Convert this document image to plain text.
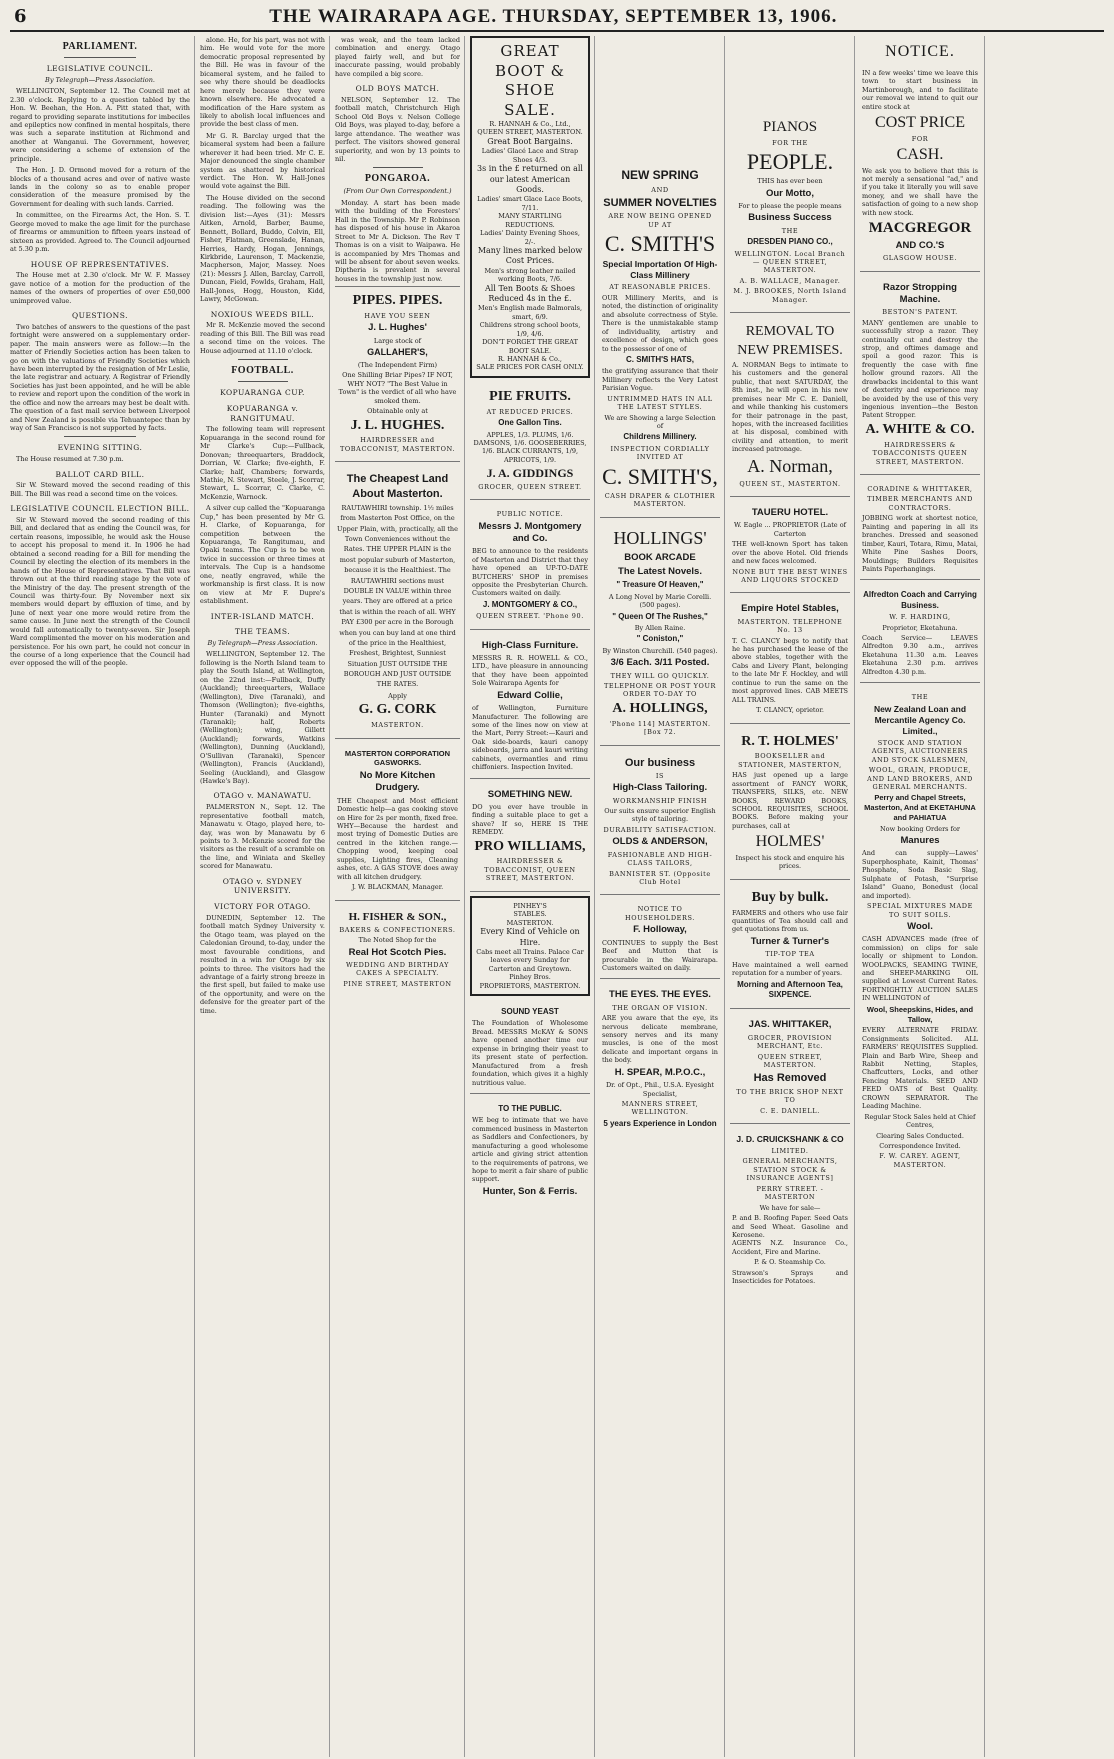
6	THE WAIRARAPA AGE. THURSDAY, SEPTEMBER 13, 1906.
PARLIAMENT.
LEGISLATIVE COUNCIL.
By Telegraph—Press Association.

WELLINGTON, September 12. The Council met at 2.30 o'clock. Replying to a question tabled by the Hon. W. Beehan, the Hon. A. Pitt stated that, with regard to providing separate institutions for imbeciles and epileptics now confined in mental hospitals, there was such a separate institution at Richmond and another at Wanganui. The Government, however, were considering a scheme of extension of the principle.

The Hon. J. D. Ormond moved for a return of the blocks of a thousand acres and over of native waste lands in the colony so as to enable proper consideration of the measure promised by the Government for dealing with such lands. Carried.

In committee, on the Firearms Act, the Hon. S. T. George moved to make the age limit for the purchase of firearms or ammunition to fifteen years instead of sixteen as provided. Agreed to. The Council adjourned at 5.30 p.m.

HOUSE OF REPRESENTATIVES.

The House met at 2.30 o'clock. Mr W. F. Massey gave notice of a motion for the production of the names of the owners of properties of over £50,000 unimproved value.

QUESTIONS.

Two batches of answers to the questions of the past fortnight were answered on a supplementary order-paper. The main answers were as follow:—In the matter of Friendly Societies action has been taken to go on with the valuations of Friendly Societies which have been interrupted by the resignation of Mr Leslie, the late registrar and actuary. A Registrar of Friendly Societies has just been appointed, and he will be able to review and report upon the condition of the work in the office and now the arrears may best be dealt with. The question of a fast mail service between Liverpool and New Zealand is possible via Tehuantepec than by way of San Francisco is not supported by facts.

EVENING SITTING.

The House resumed at 7.30 p.m.

BALLOT CARD BILL.

Sir W. Steward moved the second reading of this Bill. The Bill was read a second time on the voices.

LEGISLATIVE COUNCIL ELECTION BILL.

Sir W. Steward moved the second reading of this Bill, and declared that as ending the Council was, for certain reasons, impossible, he would ask the House to accept his proposal to mend it. In 1906 he had obtained a second reading for a Bill for mending the Council by electing the election of its members in the hands of the House of Representatives. That Bill was thrown out at the third reading stage by the vote of the Ministry of the day. The present strength of the Council was thirty-four. By November next six members would depart by effluxion of time, and by June of next year one more would retire from the same cause. In June next the strength of the Council would fall automatically to twenty-seven. Sir Joseph Ward complimented the mover on his moderation and persistence. For his own part, he could not concur in the course of a long experience that the Council had ever opposed the will of the people.

alone. He, for his part, was not with him. He would vote for the more democratic proposal represented by the Bill. He was in favour of the bicameral system, and he failed to see why there should be deadlocks here merely because they were known elsewhere. He advocated a modification of the Hare system as likely to abolish local influences and provide the best class of men.

Mr G. R. Barclay urged that the bicameral system had been a failure wherever it had been tried. Mr C. E. Major denounced the single chamber system as shattered by historical verdict. The Hon. W. Hall-Jones would vote against the Bill.

The House divided on the second reading. The following was the division list:—Ayes (31): Messrs Aitken, Arnold, Barber, Baume, Bennett, Bollard, Buddo, Colvin, Ell, Fisher, Flatman, Greenslade, Hanan, Herries, Hardy, Hogan, Jennings, Kirkbride, Laurenson, T. Mackenzie, Macpherson, Major, Massey. Noes (21): Messrs J. Allen, Barclay, Carroll, Duncan, Field, Fowlds, Graham, Hall, Hall-Jones, Hogg, Houston, Kidd, Lawry, McGowan.

NOXIOUS WEEDS BILL.

Mr R. McKenzie moved the second reading of this Bill. The Bill was read a second time on the voices. The House adjourned at 11.10 o'clock.

FOOTBALL.
KOPUARANGA CUP.
KOPUARANGA v. RANGITUMAU.

The following team will represent Kopuaranga in the second round for Mr Clarke's Cup:—Fullback, Donovan; threequarters, Braddock, Dorrian, W. Clarke; five-eighth, F. Clarke; half, Chambers; forwards, Mathie, N. Stewart, Steele, J. Scorrar, Stewart, L. Scorrar, C. Clarke, C. McKenzie, Warnock.

A silver cup called the "Kopuaranga Cup," has been presented by Mr G. H. Clarke, of Kopuaranga, for competition between the Kopuaranga, Te Rangitumau, and Opaki teams. The Cup is to be won twice in succession or three times at intervals. The Cup is a handsome one, neatly engraved, while the workmanship is first class. It is now on view at Mr F. Dupre's establishment.

INTER-ISLAND MATCH.
THE TEAMS.
By Telegraph—Press Association.

WELLINGTON, September 12. The following is the North Island team to play the South Island, at Wellington, on the 22nd inst:—Fullback, Duffy (Auckland); threequarters, Wallace (Wellington), Dive (Taranaki), and Thomson (Wellington); five-eighths, Hunter (Taranaki) and Mynott (Taranaki); half, Roberts (Wellington); wing, Gillett (Auckland); forwards, Watkins (Wellington), Dunning (Auckland), O'Sullivan (Taranaki), Spencer (Wellington), Francis (Auckland), Seeling (Auckland), and Glasgow (Hawke's Bay).

OTAGO v. MANAWATU.

PALMERSTON N., Sept. 12. The representative football match, Manawatu v. Otago, played here, to-day, was won by Manawatu by 6 points to 3. McKenzie scored for the visitors as the result of a scramble on the line, and Winiata and Skelley scored for Manawatu.

OTAGO v. SYDNEY UNIVERSITY.
VICTORY FOR OTAGO.

DUNEDIN, September 12. The football match Sydney University v. the Otago team, was played on the Caledonian Ground, to-day, under the most favourable conditions, and resulted in a win for Otago by six points to three. The visitors had the advantage of a fairly strong breeze in the first spell, but failed to make use of the opportunity, and were on the defensive for the greater part of the time.

was weak, and the team lacked combination and energy. Otago played fairly well, and but for inaccurate passing, would probably have compiled a big score.

OLD BOYS MATCH.

NELSON, September 12. The football match, Christchurch High School Old Boys v. Nelson College Old Boys, was played to-day, before a large attendance. The weather was perfect. The visitors showed general superiority, and won by 13 points to nil.

PONGAROA.
(From Our Own Correspondent.)

Monday. A start has been made with the building of the Foresters' Hall in the Township. Mr P. Robinson has disposed of his house in Akaroa Street to Mr A. Dickson. The Rev T Thomas is on a visit to Waipawa. He is accompanied by Mrs Thomas and will be absent for about seven weeks. Diptheria is prevalent in several houses in the township just now.

PIPES. PIPES.
HAVE YOU SEEN
J. L. Hughes'
Large stock of
GALLAHER'S,
(The Independent Firm)
One Shilling Briar Pipes? IF NOT, WHY NOT? "The Best Value in Town" is the verdict of all who have smoked them.
Obtainable only at
J. L. HUGHES.
HAIRDRESSER and TOBACCONIST, MASTERTON.
The Cheapest Land About Masterton.
RAUTAWHIRI township. 1½ miles from Masterton Post Office, on the Upper Plain, with, practically, all the Town Conveniences without the Rates. THE UPPER PLAIN is the most popular suburb of Masterton, because it is the Healthiest. The RAUTAWHIRI sections must DOUBLE IN VALUE within three years. They are offered at a price that is within the reach of all. WHY PAY £300 per acre in the Borough when you can buy land at one third of the price in the Healthiest, Freshest, Brightest, Sunniest Situation JUST OUTSIDE THE BOROUGH AND JUST OUTSIDE THE RATES.
Apply
G. G. CORK
MASTERTON.
MASTERTON CORPORATION GASWORKS.
No More Kitchen Drudgery.
THE Cheapest and Most efficient Domestic help—a gas cooking stove on Hire for 2s per month, fixed free. WHY—Because the hardest and most trying of Domestic Duties are centred in the kitchen range.—Chopping wood, keeping coal supplies, Lighting fires, Cleaning ashes, etc. A GAS STOVE does away with all kitchen drudgery.
J. W. BLACKMAN, Manager.
H. FISHER & SON.,
BAKERS & CONFECTIONERS.
The Noted Shop for the
Real Hot Scotch Pies.
WEDDING AND BIRTHDAY CAKES A SPECIALTY.
PINE STREET, MASTERTON
GREAT BOOT & SHOE SALE.
R. HANNAH & Co., Ltd.,
QUEEN STREET, MASTERTON.
Great Boot Bargains.
Ladies' Glacé Lace and Strap Shoes 4/3.
3s in the £ returned on all our latest American Goods.
Ladies' smart Glace Lace Boots, 7/11.
MANY STARTLING REDUCTIONS.
Ladies' Dainty Evening Shoes, 2/-.
Many lines marked below Cost Prices.
Men's strong leather nailed working Boots, 7/6.
All Ten Boots & Shoes Reduced 4s in the £.
Men's English made Balmorals, smart, 6/9.
Childrens strong school boots, 1/9, 4/6.
DON'T FORGET THE GREAT BOOT SALE.
R. HANNAH & Co.,
SALE PRICES FOR CASH ONLY.
PIE FRUITS.
AT REDUCED PRICES.
One Gallon Tins.
APPLES, 1/3. PLUMS, 1/6. DAMSONS, 1/6. GOOSEBERRIES, 1/6. BLACK CURRANTS, 1/9, APRICOTS, 1/9.
J. A. GIDDINGS
GROCER, QUEEN STREET.
PUBLIC NOTICE.
Messrs J. Montgomery and Co.
BEG to announce to the residents of Masterton and District that they have opened an UP-TO-DATE BUTCHERS' SHOP in premises opposite the Presbyterian Church. Customers waited on daily.
J. MONTGOMERY & CO.,
QUEEN STREET. 'Phone 90.
High-Class Furniture.
MESSRS R. R. HOWELL & CO., LTD., have pleasure in announcing that they have been appointed Sole Wairarapa Agents for
Edward Collie,
of Wellington, Furniture Manufacturer. The following are some of the lines now on view at the Mart, Perry Street:—Kauri and Oak side-boards, kauri canopy sideboards, jarra and kauri writing cabinets, overmantles and rimu chiffoniers. Inspection Invited.
SOMETHING NEW.
DO you ever have trouble in finding a suitable place to get a shave? If so, HERE IS THE REMEDY.
PRO WILLIAMS,
HAIRDRESSER & TOBACCONIST, QUEEN STREET, MASTERTON.
PINHEY'S
STABLES.
MASTERTON.
Every Kind of Vehicle on Hire.
Cabs meet all Trains. Palace Car leaves every Sunday for Carterton and Greytown.
Pinhey Bros.
PROPRIETORS, MASTERTON.
SOUND YEAST
The Foundation of Wholesome Bread. MESSRS McKAY & SONS have opened another time our expense in bringing their yeast to its present state of perfection. Manufactured from a fresh foundation, which gives it a highly nutritious value.
TO THE PUBLIC.
WE beg to intimate that we have commenced business in Masterton as Saddlers and Confectioners, by manufacturing a good wholesome article and giving strict attention to the requirements of patrons, we hope to merit a fair share of public support.
Hunter, Son & Ferris.
NEW SPRING
AND
SUMMER NOVELTIES
ARE NOW BEING OPENED UP AT
C. SMITH'S
Special Importation Of High-Class Millinery
AT REASONABLE PRICES.
OUR Millinery Merits, and is noted, the distinction of originality and absolute correctness of Style. There is the unmistakable stamp of individuality, artistry and excellence of design, which goes to the possessor of one of
C. SMITH'S HATS,
the gratifying assurance that their Millinery reflects the Very Latest Parisian Vogue.
UNTRIMMED HATS IN ALL THE LATEST STYLES.
We are Showing a large Selection of
Childrens Millinery.
INSPECTION CORDIALLY INVITED AT
C. SMITH'S,
CASH DRAPER & CLOTHIER MASTERTON.
HOLLINGS'
BOOK ARCADE
The Latest Novels.
" Treasure Of Heaven,"
A Long Novel by Marie Corelli. (500 pages).
" Queen Of The Rushes,"
By Allen Raine.
" Coniston,"
By Winston Churchill. (540 pages).
3/6 Each. 3/11 Posted.
THEY WILL GO QUICKLY.
TELEPHONE OR POST YOUR ORDER TO-DAY TO
A. HOLLINGS,
'Phone 114] MASTERTON. [Box 72.
Our business
IS
High-Class Tailoring.
WORKMANSHIP FINISH
Our suits ensure superior English style of tailoring.
DURABILITY SATISFACTION.
OLDS & ANDERSON,
FASHIONABLE AND HIGH-CLASS TAILORS,
BANNISTER ST. (Opposite Club Hotel
NOTICE TO HOUSEHOLDERS.
F. Holloway,
CONTINUES to supply the Best Beef and Mutton that is procurable in the Wairarapa. Customers waited on daily.
THE EYES. THE EYES.
THE ORGAN OF VISION.
ARE you aware that the eye, its nervous delicate membrane, sensory nerves and its many muscles, is one of the most delicate and important organs in the body.
H. SPEAR, M.P.O.C.,
Dr. of Opt., Phil., U.S.A. Eyesight Specialist,
MANNERS STREET, WELLINGTON.
5 years Experience in London
PIANOS
FOR THE
PEOPLE.
THIS has ever been
Our Motto,
For to please the people means
Business Success
THE
DRESDEN PIANO CO.,
WELLINGTON. Local Branch— QUEEN STREET, MASTERTON.
A. B. WALLACE, Manager.
M. J. BROOKES, North Island Manager.
REMOVAL TO
NEW PREMISES.
A. NORMAN Begs to intimate to his customers and the general public, that next SATURDAY, the 8th inst., he will open in his new premises near Mr C. E. Daniell, and while thanking his customers for their patronage in the past, hopes, with the increased facilities at his disposal, combined with civility and attention, to merit increased patronage.
A. Norman,
QUEEN ST., MASTERTON.
TAUERU HOTEL.
W. Eagle ... PROPRIETOR (Late of Carterton
THE well-known Sport has taken over the above Hotel. Old friends and new faces welcomed.
NONE BUT THE BEST WINES AND LIQUORS STOCKED
Empire Hotel Stables,
MASTERTON. TELEPHONE No. 13
T. C. CLANCY begs to notify that he has purchased the lease of the above stables, together with the Cabs and Livery Plant, belonging to the late Mr F. Hockley, and will continue to run the same on the most approved lines. CAB MEETS ALL TRAINS.
T. CLANCY, oprietor.
R. T. HOLMES'
BOOKSELLER and STATIONER, MASTERTON,
HAS just opened up a large assortment of FANCY WORK, TRANSFERS, SILKS, etc. NEW BOOKS, REWARD BOOKS, SCHOOL REQUISITES, SCHOOL BOOKS. Before making your purchases, call at
HOLMES'
Inspect his stock and enquire his prices.
Buy by bulk.
FARMERS and others who use fair quantities of Tea should call and get quotations from us.
Turner & Turner's
TIP-TOP TEA
Have maintained a well earned reputation for a number of years.
Morning and Afternoon Tea, SIXPENCE.
JAS. WHITTAKER,
GROCER, PROVISION MERCHANT, Etc.
QUEEN STREET, MASTERTON.
Has Removed
TO THE BRICK SHOP NEXT TO
C. E. DANIELL.
J. D. CRUICKSHANK & CO
LIMITED.
GENERAL MERCHANTS, STATION STOCK & INSURANCE AGENTS]
PERRY STREET. - MASTERTON
We have for sale—
P. and B. Roofing Paper. Seed Oats and Seed Wheat. Gasoline and Kerosene.
AGENTS N.Z. Insurance Co., Accident, Fire and Marine.
P. & O. Steamship Co.
Strawson's Sprays and Insecticides for Potatoes.
NOTICE.
IN a few weeks' time we leave this town to start business in Martinborough, and to facilitate our removal we intend to quit our entire stock at
COST PRICE
FOR
CASH.
We ask you to believe that this is not merely a sensational "ad," and if you take it literally you will save money, and we shall have the satisfaction of going to a new shop with new stock.
MACGREGOR
AND CO.'S
GLASGOW HOUSE.
Razor Stropping Machine.
BESTON'S PATENT.
MANY gentlemen are unable to successfully strop a razor. They continually cut and destroy the strop, and oftimes damage and spoil a good razor. This is frequently the case with fine hollow ground razors. All the drawbacks incidental to this want of dexterity and experience may be avoided by the use of this very ingenious invention—the Beston Patent Stropper.
A. WHITE & CO.
HAIRDRESSERS & TOBACCONISTS QUEEN STREET, MASTERTON.
CORADINE & WHITTAKER,
TIMBER MERCHANTS AND CONTRACTORS.
JOBBING work at shortest notice, Painting and papering in all its branches. Dressed and seasoned timber, Kauri, Totara, Rimu, Matai, White Pine Sashes Doors, Mouldings; Builders Requisites Paints Paperhangings.
Alfredton Coach and Carrying Business.
W. F. HARDING,
Proprietor, Eketahuna.
Coach Service— LEAVES Alfredton 9.30 a.m., arrives Eketahuna 11.30 a.m. Leaves Eketahuna 2.30 p.m. arrives Alfredton 4.30 p.m.
THE
New Zealand Loan and Mercantile Agency Co. Limited.,
STOCK AND STATION AGENTS, AUCTIONEERS AND STOCK SALESMEN,
WOOL, GRAIN, PRODUCE, AND LAND BROKERS, AND GENERAL MERCHANTS.
Perry and Chapel Streets, Masterton, And at EKETAHUNA and PAHIATUA
Now booking Orders for
Manures
And can supply—Lawes' Superphosphate, Kainit, Thomas' Phosphate, Soda Basic Slag, Sulphate of Potash, "Surprise Island" Guano, Bonedust (local and imported).
SPECIAL MIXTURES MADE TO SUIT SOILS.
Wool.
CASH ADVANCES made (free of commission) on clips for sale locally or shipment to London. WOOLPACKS, SEAMING TWINE, and SHEEP-MARKING OIL supplied at Lowest Current Rates. FORTNIGHTLY AUCTION SALES IN WELLINGTON of
Wool, Sheepskins, Hides, and Tallow,
EVERY ALTERNATE FRIDAY. Consignments Solicited. ALL FARMERS' REQUISITES Supplied. Plain and Barb Wire, Sheep and Rabbit Netting, Staples, Chaffcutters, Locks, and other Fencing Materials. SEED AND FEED OATS of Best Quality. CROWN SEPARATOR. The Leading Machine.
Regular Stock Sales held at Chief Centres,
Clearing Sales Conducted.
Correspondence Invited.
F. W. CAREY. AGENT, MASTERTON.
